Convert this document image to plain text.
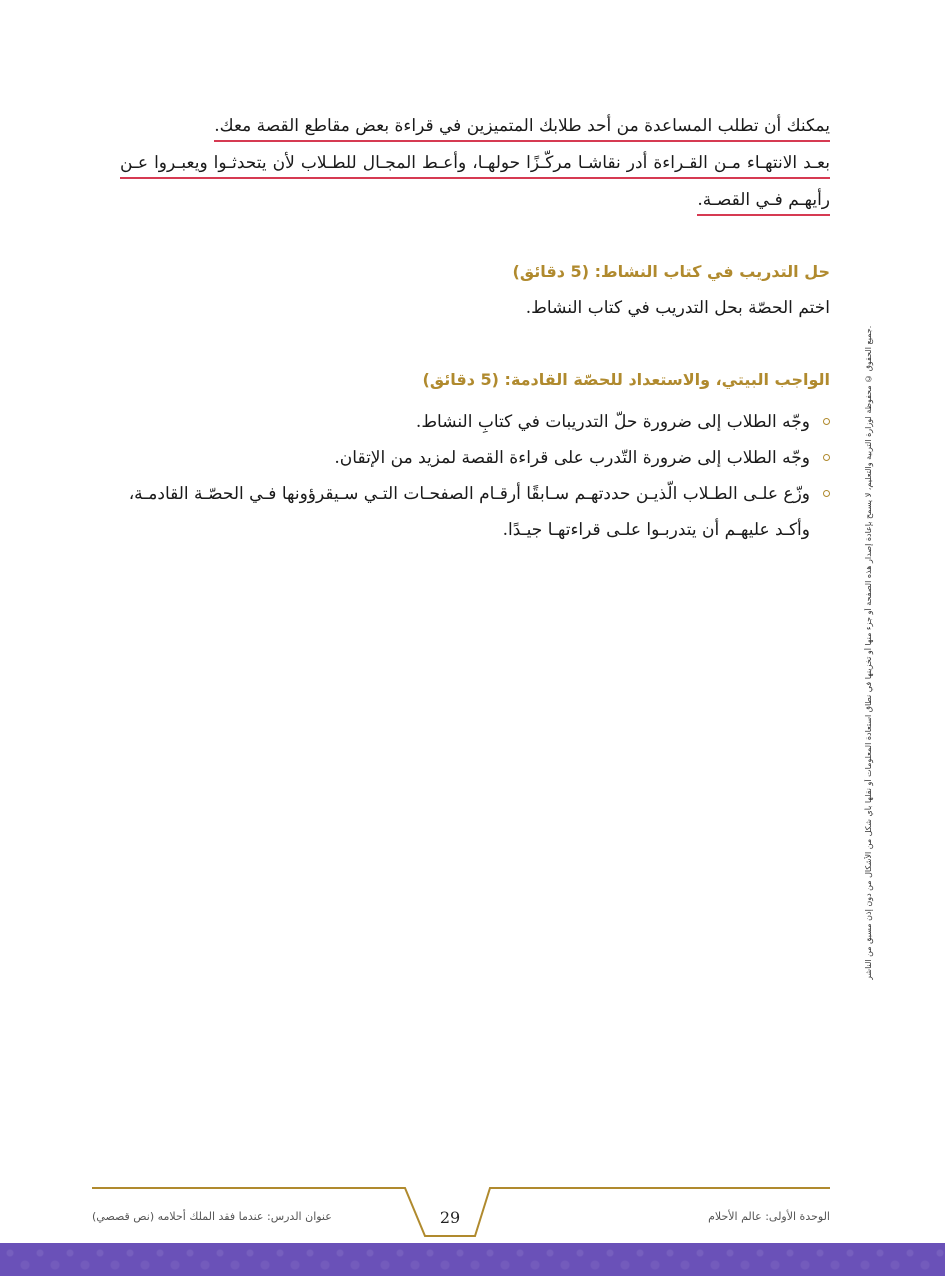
يمكنك أن تطلب المساعدة من أحد طلابك المتميزين في قراءة بعض مقاطع القصة معك.
بعـد الانتهـاء مـن القـراءة أدر نقاشـا مركّـزًا حولهـا، وأعـط المجـال للطـلاب لأن يتحدثـوا ويعبـروا عـن
رأيهـم فـي القصـة.
حل التدريب في كتاب النشاط: (5 دقائق)
اختم الحصّة بحل التدريب في كتاب النشاط.
الواجب البيتي، والاستعداد للحصّة القادمة: (5 دقائق)
وجّه الطلاب إلى ضرورة حلّ التدريبات في كتابِ النشاط.
وجّه الطلاب إلى ضرورة التّدرب على قراءة القصة لمزيد من الإتقان.
وزّع علـى الطـلاب الّذيـن حددتهـم سـابقًا أرقـام الصفحـات التـي سـيقرؤونها فـي الحصّـة القادمـة،
وأكـد عليهـم أن يتدربـوا علـى قراءتهـا جيـدًا.	جميع الحقوق © محفوظة لوزارة التربية والتعليم، لا يسمح بإعادة إصدار هذه الصفحة أو جزء منها أو تخزينها في نطاق استعادة المعلومات أو نقلها بأي شكل من الأشكال من دون إذن مسبق من الناشر.
الوحدة الأولى: عالم الأحلام
عنوان الدرس: عندما فقد الملك أحلامه (نص قصصي)	29
